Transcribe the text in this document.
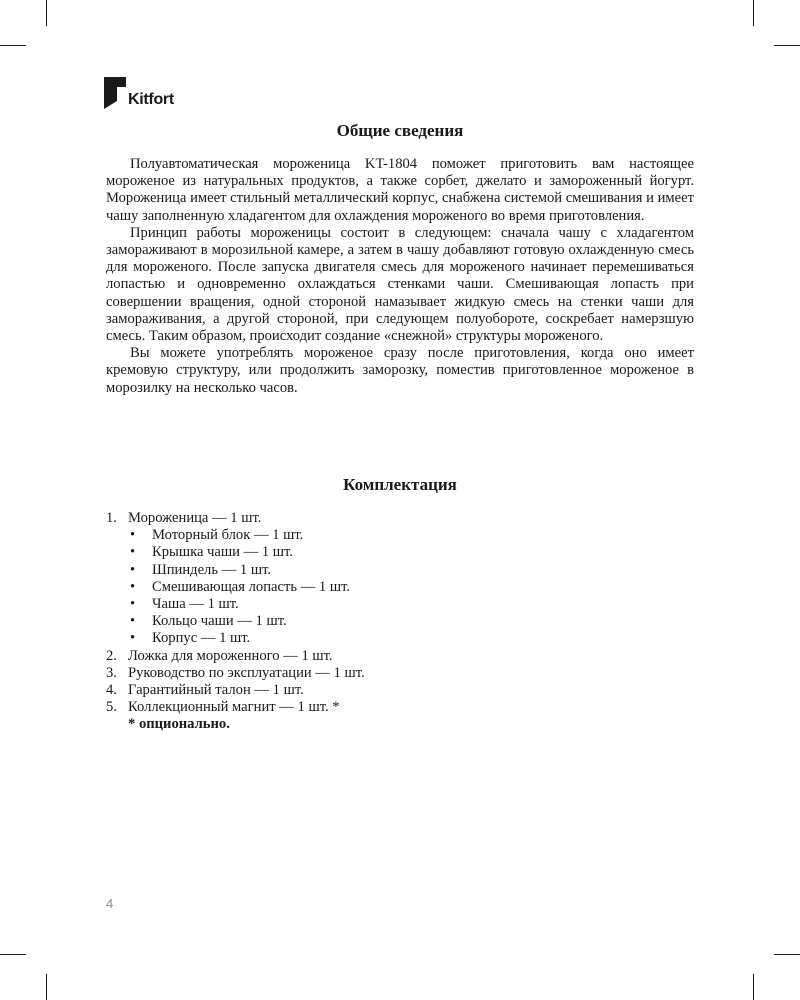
Kitfort
Общие сведения

Полуавтоматическая мороженица KT-1804 поможет приготовить вам настоящее мороженое из натуральных продуктов, а также сорбет, джелато и замороженный йогурт. Мороженица имеет стильный металлический корпус, снабжена системой смешивания и имеет чашу заполненную хладагентом для охлаждения мороженого во время приготовления.

Принцип работы мороженицы состоит в следующем: сначала чашу с хладагентом замораживают в морозильной камере, а затем в чашу добавляют готовую охлажденную смесь для мороженого. После запуска двигателя смесь для мороженого начинает перемешиваться лопастью и одновременно охлаждаться стенками чаши. Смешивающая лопасть при совершении вращения, одной стороной намазывает жидкую смесь на стенки чаши для замораживания, а другой стороной, при следующем полуобороте, соскребает намерзшую смесь. Таким образом, происходит создание «снежной» структуры мороженого.

Вы можете употреблять мороженое сразу после приготовления, когда оно имеет кремовую структуру, или продолжить заморозку, поместив приготовленное мороженое в морозилку на несколько часов.

Комплектация
1. Мороженица — 1 шт.
• Моторный блок — 1 шт.
• Крышка чаши — 1 шт.
• Шпиндель — 1 шт.
• Смешивающая лопасть — 1 шт.
• Чаша — 1 шт.
• Кольцо чаши — 1 шт.
• Корпус — 1 шт.
2. Ложка для мороженного — 1 шт.
3. Руководство по эксплуатации — 1 шт.
4. Гарантийный талон — 1 шт.
5. Коллекционный магнит — 1 шт. *
* опционально.
4
